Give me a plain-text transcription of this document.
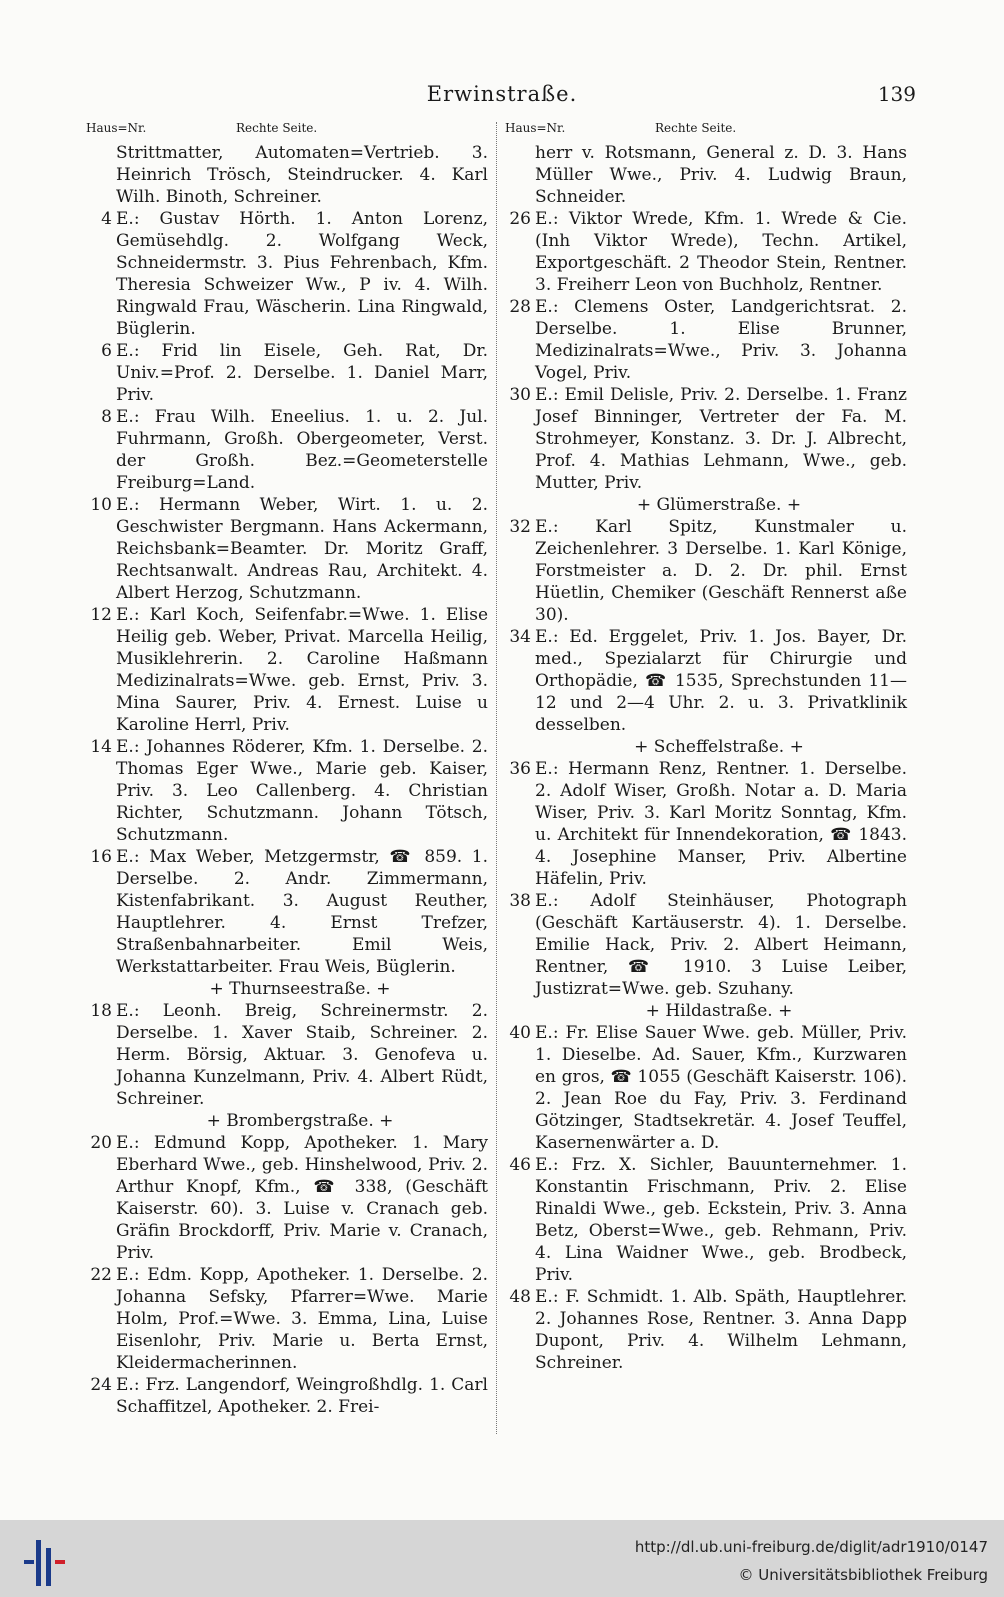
Erwinstraße.	139
Haus=Nr.	Rechte Seite.
Strittmatter, Automaten=Vertrieb. 3. Heinrich Trösch, Steindrucker. 4. Karl Wilh. Binoth, Schreiner.
4 E.: Gustav Hörth. 1. Anton Lorenz, Gemüsehdlg. 2. Wolfgang Weck, Schneidermstr. 3. Pius Fehrenbach, Kfm. Theresia Schweizer Ww., P iv. 4. Wilh. Ringwald Frau, Wäscherin. Lina Ringwald, Büglerin.
6 E.: Frid lin Eisele, Geh. Rat, Dr. Univ.=Prof. 2. Derselbe. 1. Daniel Marr, Priv.
8 E.: Frau Wilh. Eneelius. 1. u. 2. Jul. Fuhrmann, Großh. Obergeometer, Verst. der Großh. Bez.=Geometerstelle Freiburg=Land.
10 E.: Hermann Weber, Wirt. 1. u. 2. Geschwister Bergmann. Hans Ackermann, Reichsbank=Beamter. Dr. Moritz Graff, Rechtsanwalt. Andreas Rau, Architekt. 4. Albert Herzog, Schutzmann.
12 E.: Karl Koch, Seifenfabr.=Wwe. 1. Elise Heilig geb. Weber, Privat. Marcella Heilig, Musiklehrerin. 2. Caroline Haßmann Medizinalrats=Wwe. geb. Ernst, Priv. 3. Mina Saurer, Priv. 4. Ernest. Luise u Karoline Herrl, Priv.
14 E.: Johannes Röderer, Kfm. 1. Derselbe. 2. Thomas Eger Wwe., Marie geb. Kaiser, Priv. 3. Leo Callenberg. 4. Christian Richter, Schutzmann. Johann Tötsch, Schutzmann.
16 E.: Max Weber, Metzgermstr, ☎ 859. 1. Derselbe. 2. Andr. Zimmermann, Kistenfabrikant. 3. August Reuther, Hauptlehrer. 4. Ernst Trefzer, Straßenbahnarbeiter. Emil Weis, Werkstattarbeiter. Frau Weis, Büglerin.
+ Thurnseestraße. +
18 E.: Leonh. Breig, Schreinermstr. 2. Derselbe. 1. Xaver Staib, Schreiner. 2. Herm. Börsig, Aktuar. 3. Genofeva u. Johanna Kunzelmann, Priv. 4. Albert Rüdt, Schreiner.
+ Brombergstraße. +
20 E.: Edmund Kopp, Apotheker. 1. Mary Eberhard Wwe., geb. Hinshelwood, Priv. 2. Arthur Knopf, Kfm., ☎ 338, (Geschäft Kaiserstr. 60). 3. Luise v. Cranach geb. Gräfin Brockdorff, Priv. Marie v. Cranach, Priv.
22 E.: Edm. Kopp, Apotheker. 1. Derselbe. 2. Johanna Sefsky, Pfarrer=Wwe. Marie Holm, Prof.=Wwe. 3. Emma, Lina, Luise Eisenlohr, Priv. Marie u. Berta Ernst, Kleidermacherinnen.
24 E.: Frz. Langendorf, Weingroßhdlg. 1. Carl Schaffitzel, Apotheker. 2. Frei-
Haus=Nr.	Rechte Seite.
herr v. Rotsmann, General z. D. 3. Hans Müller Wwe., Priv. 4. Ludwig Braun, Schneider.
26 E.: Viktor Wrede, Kfm. 1. Wrede & Cie. (Inh Viktor Wrede), Techn. Artikel, Exportgeschäft. 2 Theodor Stein, Rentner. 3. Freiherr Leon von Buchholz, Rentner.
28 E.: Clemens Oster, Landgerichtsrat. 2. Derselbe. 1. Elise Brunner, Medizinalrats=Wwe., Priv. 3. Johanna Vogel, Priv.
30 E.: Emil Delisle, Priv. 2. Derselbe. 1. Franz Josef Binninger, Vertreter der Fa. M. Strohmeyer, Konstanz. 3. Dr. J. Albrecht, Prof. 4. Mathias Lehmann, Wwe., geb. Mutter, Priv.
+ Glümerstraße. +
32 E.: Karl Spitz, Kunstmaler u. Zeichenlehrer. 3 Derselbe. 1. Karl Könige, Forstmeister a. D. 2. Dr. phil. Ernst Hüetlin, Chemiker (Geschäft Rennerst aße 30).
34 E.: Ed. Erggelet, Priv. 1. Jos. Bayer, Dr. med., Spezialarzt für Chirurgie und Orthopädie, ☎ 1535, Sprechstunden 11—12 und 2—4 Uhr. 2. u. 3. Privatklinik desselben.
+ Scheffelstraße. +
36 E.: Hermann Renz, Rentner. 1. Derselbe. 2. Adolf Wiser, Großh. Notar a. D. Maria Wiser, Priv. 3. Karl Moritz Sonntag, Kfm. u. Architekt für Innendekoration, ☎ 1843. 4. Josephine Manser, Priv. Albertine Häfelin, Priv.
38 E.: Adolf Steinhäuser, Photograph (Geschäft Kartäuserstr. 4). 1. Derselbe. Emilie Hack, Priv. 2. Albert Heimann, Rentner, ☎ 1910. 3 Luise Leiber, Justizrat=Wwe. geb. Szuhany.
+ Hildastraße. +
40 E.: Fr. Elise Sauer Wwe. geb. Müller, Priv. 1. Dieselbe. Ad. Sauer, Kfm., Kurzwaren en gros, ☎ 1055 (Geschäft Kaiserstr. 106). 2. Jean Roe du Fay, Priv. 3. Ferdinand Götzinger, Stadtsekretär. 4. Josef Teuffel, Kasernenwärter a. D.
46 E.: Frz. X. Sichler, Bauunternehmer. 1. Konstantin Frischmann, Priv. 2. Elise Rinaldi Wwe., geb. Eckstein, Priv. 3. Anna Betz, Oberst=Wwe., geb. Rehmann, Priv. 4. Lina Waidner Wwe., geb. Brodbeck, Priv.
48 E.: F. Schmidt. 1. Alb. Späth, Hauptlehrer. 2. Johannes Rose, Rentner. 3. Anna Dapp Dupont, Priv. 4. Wilhelm Lehmann, Schreiner.
http://dl.ub.uni-freiburg.de/diglit/adr1910/0147
© Universitätsbibliothek Freiburg
